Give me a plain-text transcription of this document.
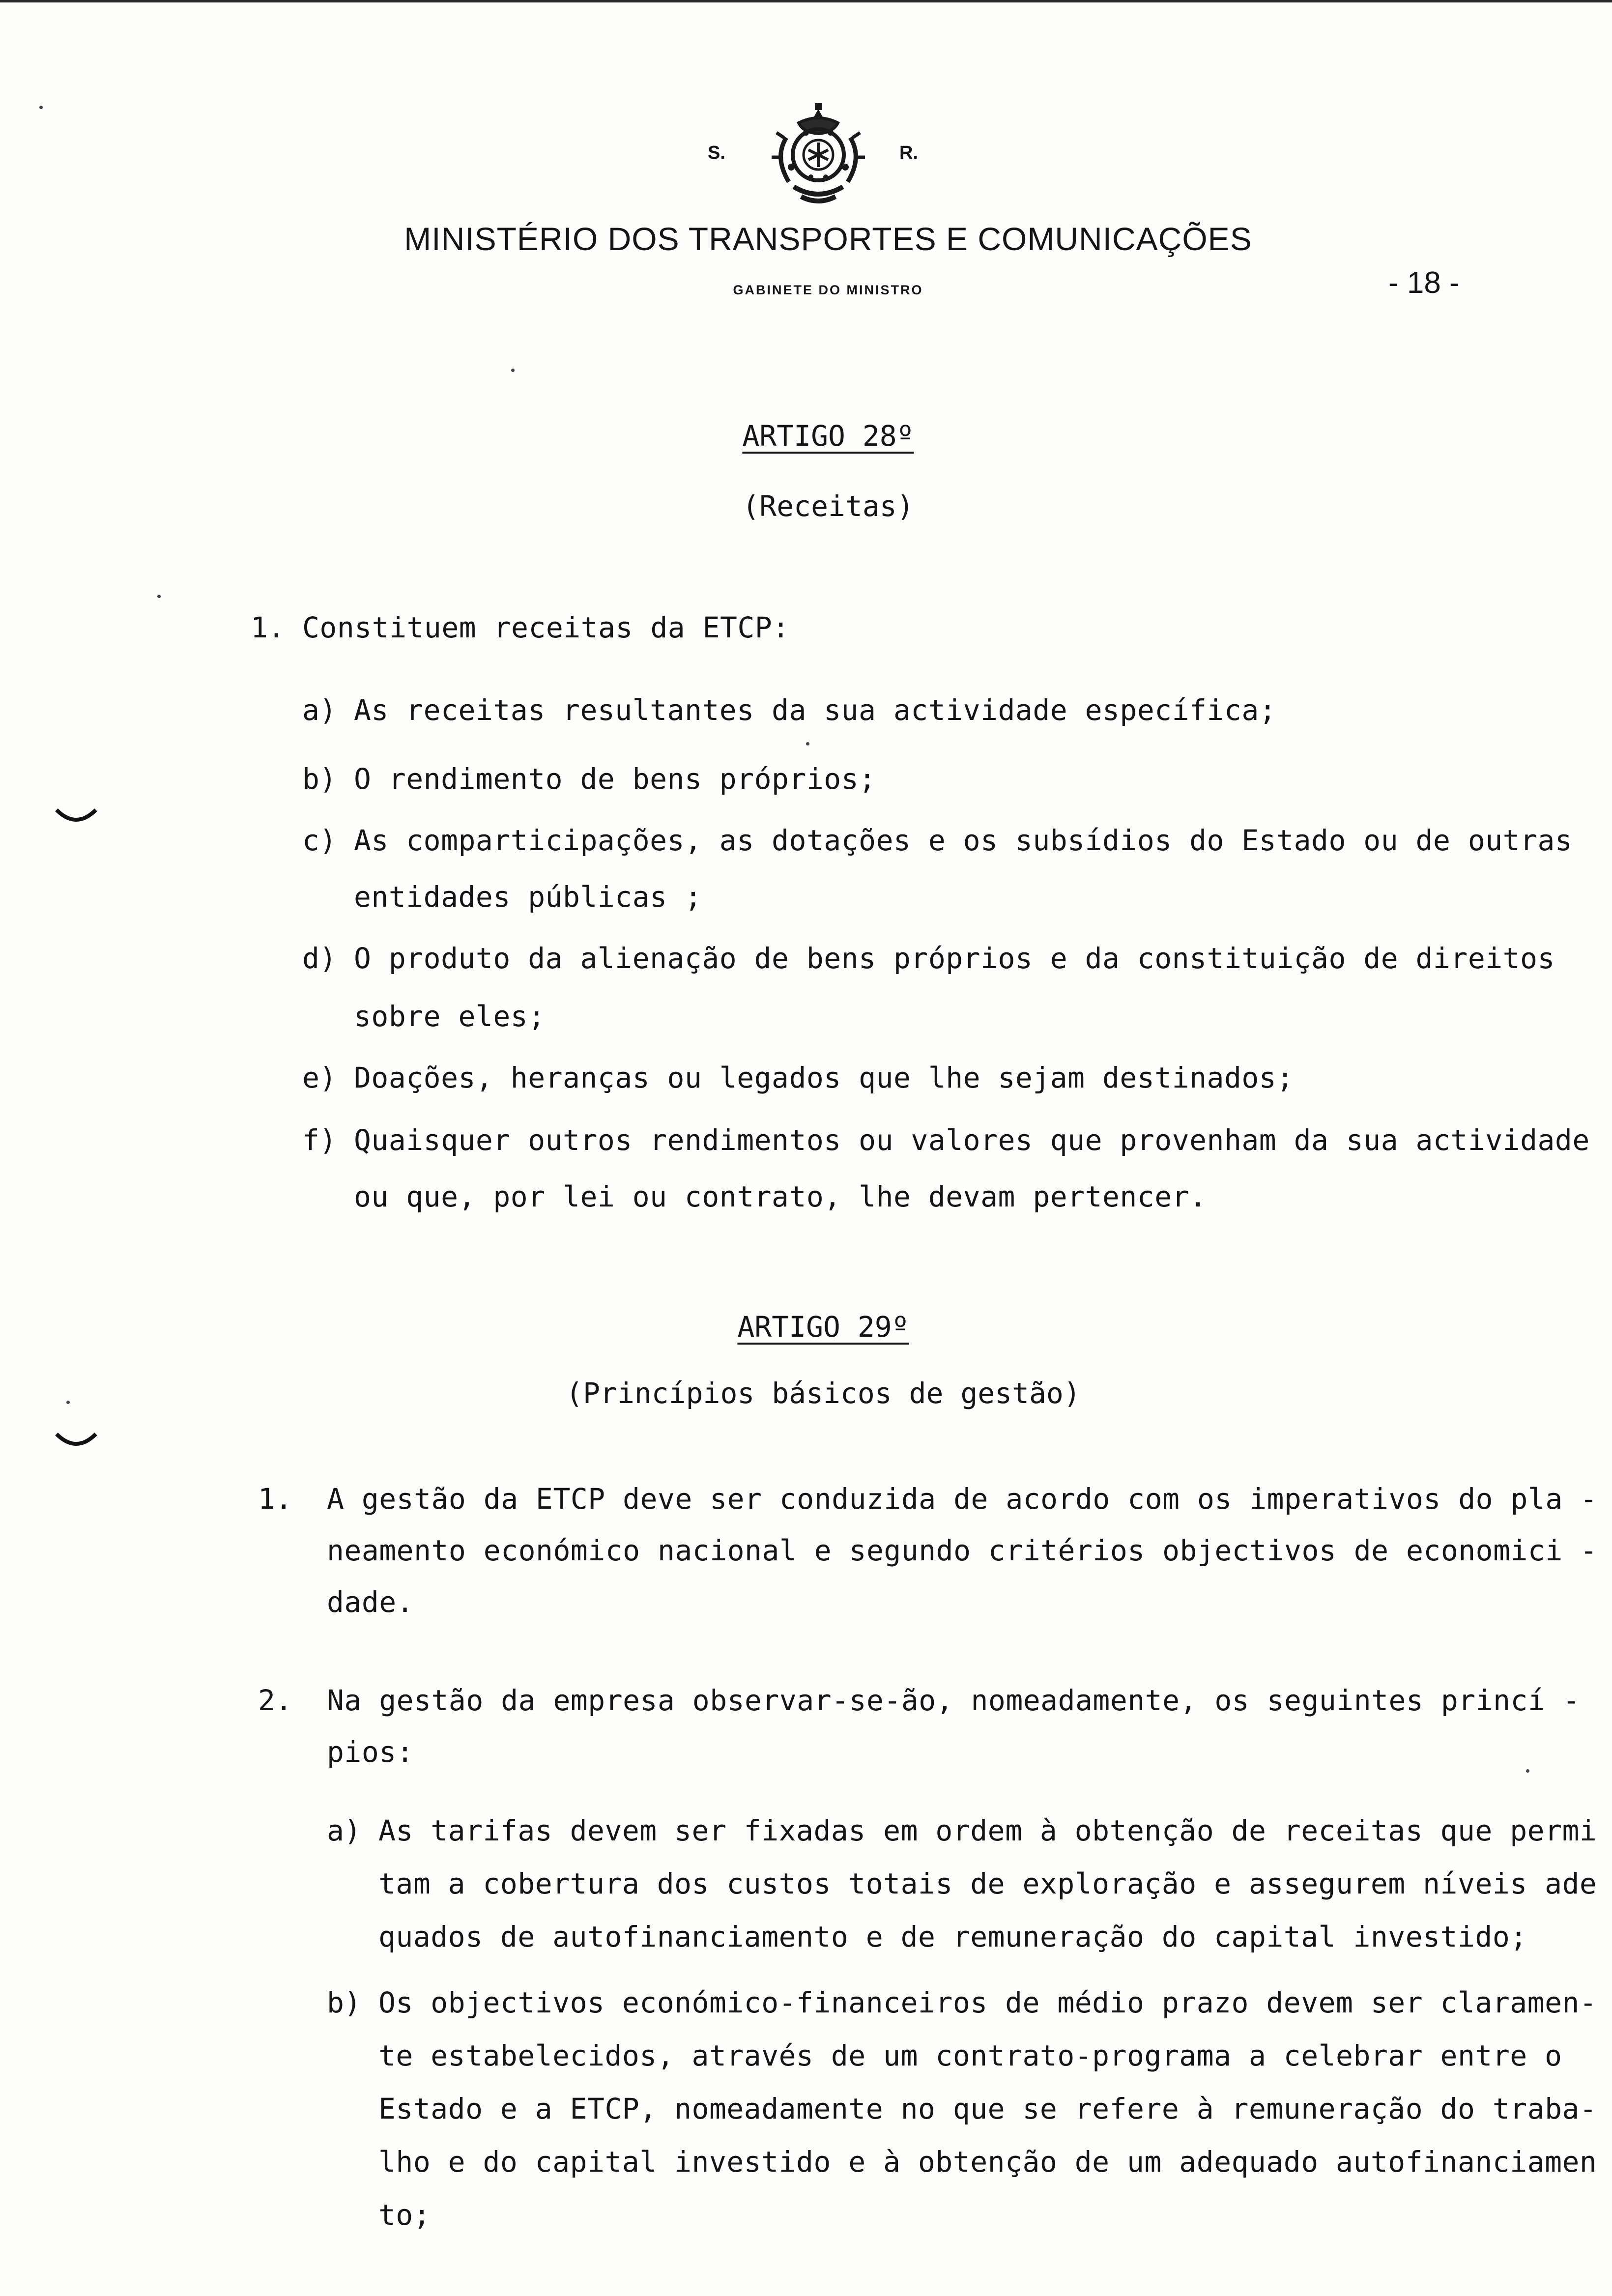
S.	R.
MINISTÉRIO DOS TRANSPORTES E COMUNICAÇÕES
GABINETE DO MINISTRO	- 18 -
ARTIGO 28º
(Receitas)
1. Constituem receitas da ETCP:
a) As receitas resultantes da sua actividade específica;
b) O rendimento de bens próprios;
c) As comparticipações, as dotações e os subsídios do Estado ou de outras
entidades públicas ;
d) O produto da alienação de bens próprios e da constituição de direitos
sobre eles;
e) Doações, heranças ou legados que lhe sejam destinados;
f) Quaisquer outros rendimentos ou valores que provenham da sua actividade
ou que, por lei ou contrato, lhe devam pertencer.
ARTIGO 29º
(Princípios básicos de gestão)
1. A gestão da ETCP deve ser conduzida de acordo com os imperativos do pla -
neamento económico nacional e segundo critérios objectivos de economici -
dade.
2. Na gestão da empresa observar-se-ão, nomeadamente, os seguintes princí -
pios:
a) As tarifas devem ser fixadas em ordem à obtenção de receitas que permi
tam a cobertura dos custos totais de exploração e assegurem níveis ade
quados de autofinanciamento e de remuneração do capital investido;
b) Os objectivos económico-financeiros de médio prazo devem ser claramen-
te estabelecidos, através de um contrato-programa a celebrar entre o
Estado e a ETCP, nomeadamente no que se refere à remuneração do traba-
lho e do capital investido e à obtenção de um adequado autofinanciamen
to;
